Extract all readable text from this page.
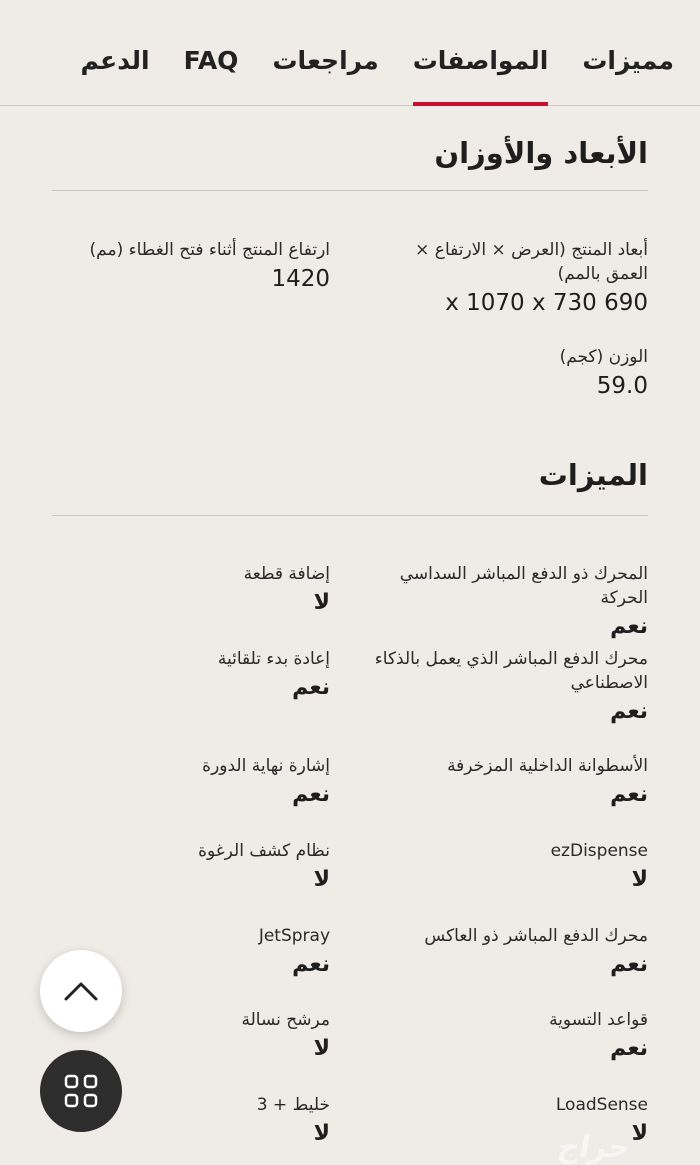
مميزات
المواصفات
مراجعات
FAQ
الدعم
الأبعاد والأوزان
أبعاد المنتج (العرض × الارتفاع × العمق بالمم)
x 1070 x 730 690
ارتفاع المنتج أثناء فتح الغطاء (مم)
1420
الوزن (كجم)
59.0
الميزات
المحرك ذو الدفع المباشر السداسي الحركة
نعم
إضافة قطعة
لا
محرك الدفع المباشر الذي يعمل بالذكاء الاصطناعي
نعم
إعادة بدء تلقائية
نعم
الأسطوانة الداخلية المزخرفة
نعم
إشارة نهاية الدورة
نعم
ezDispense
لا
نظام كشف الرغوة
لا
محرك الدفع المباشر ذو العاكس
نعم
JetSpray
نعم
قواعد التسوية
نعم
مرشح نسالة
لا
LoadSense
لا
خليط + 3
لا	حراج
